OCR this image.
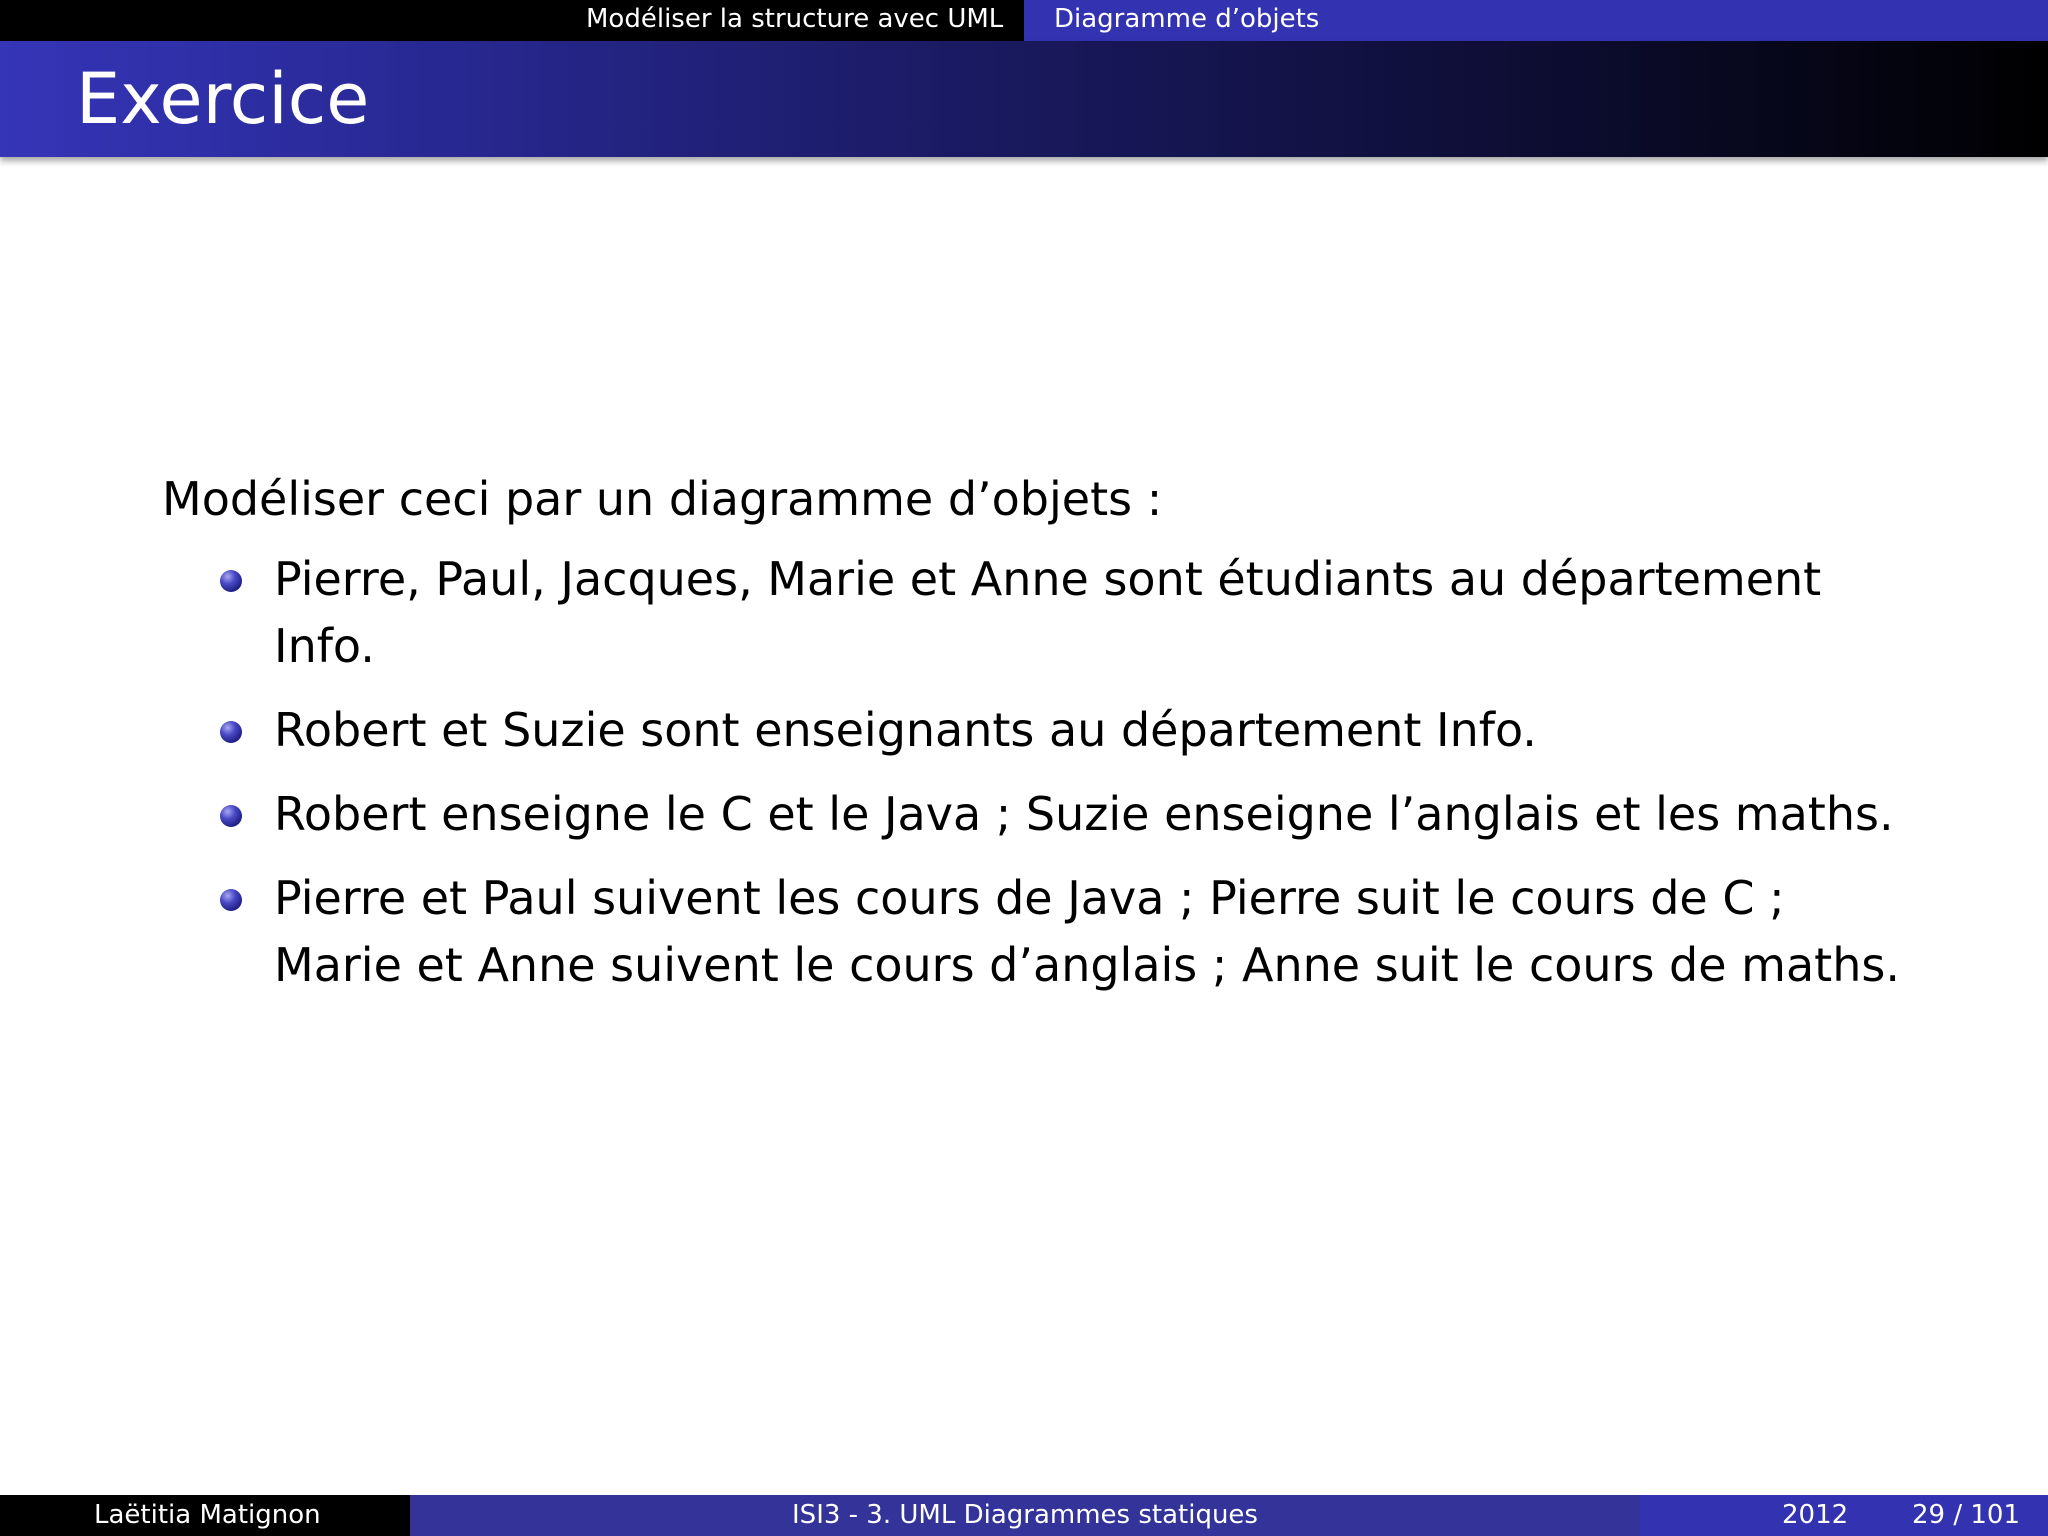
Modéliser la structure avec UML	Diagramme d’objets
Exercice

Modéliser ceci par un diagramme d’objets :

Pierre, Paul, Jacques, Marie et Anne sont étudiants au département Info.
Robert et Suzie sont enseignants au département Info.
Robert enseigne le C et le Java ; Suzie enseigne l’anglais et les maths.
Pierre et Paul suivent les cours de Java ; Pierre suit le cours de C ; Marie et Anne suivent le cours d’anglais ; Anne suit le cours de maths.
Laëtitia Matignon	ISI3 - 3. UML Diagrammes statiques	2012 29 / 101
